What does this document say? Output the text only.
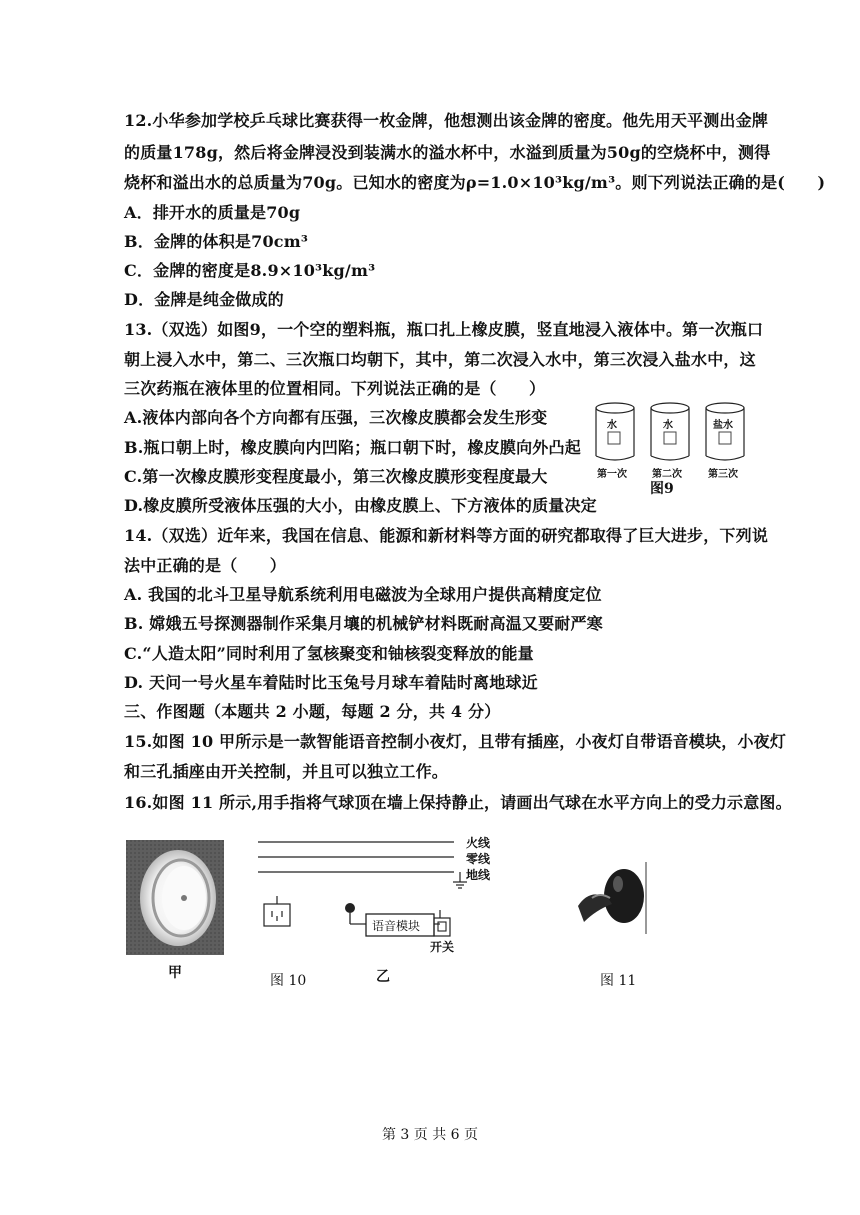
12.小华参加学校乒乓球比赛获得一枚金牌，他想测出该金牌的密度。他先用天平测出金牌
的质量178g，然后将金牌浸没到装满水的溢水杯中，水溢到质量为50g的空烧杯中，测得
烧杯和溢出水的总质量为70g。已知水的密度为ρ=1.0×10³kg/m³。则下列说法正确的是(　　)
A．排开水的质量是70g
B．金牌的体积是70cm³
C．金牌的密度是8.9×10³kg/m³
D．金牌是纯金做成的
13.（双选）如图9，一个空的塑料瓶，瓶口扎上橡皮膜，竖直地浸入液体中。第一次瓶口
朝上浸入水中，第二、三次瓶口均朝下，其中，第二次浸入水中，第三次浸入盐水中，这
三次药瓶在液体里的位置相同。下列说法正确的是（　　）
A.液体内部向各个方向都有压强，三次橡皮膜都会发生形变
B.瓶口朝上时，橡皮膜向内凹陷；瓶口朝下时，橡皮膜向外凸起
C.第一次橡皮膜形变程度最小，第三次橡皮膜形变程度最大
D.橡皮膜所受液体压强的大小，由橡皮膜上、下方液体的质量决定
水	水	盐水
第一次	第二次	第三次
图9
14.（双选）近年来，我国在信息、能源和新材料等方面的研究都取得了巨大进步，下列说
法中正确的是（　　）
A. 我国的北斗卫星导航系统利用电磁波为全球用户提供高精度定位
B. 嫦娥五号探测器制作采集月壤的机械铲材料既耐高温又要耐严寒
C.“人造太阳”同时利用了氢核聚变和铀核裂变释放的能量
D. 天问一号火星车着陆时比玉兔号月球车着陆时离地球近
三、作图题（本题共 2 小题，每题 2 分，共 4 分）
15.如图 10 甲所示是一款智能语音控制小夜灯，且带有插座，小夜灯自带语音模块，小夜灯
和三孔插座由开关控制，并且可以独立工作。
16.如图 11 所示,用手指将气球顶在墙上保持静止，请画出气球在水平方向上的受力示意图。
甲
火线
零线
地线
语音模块
开关
图 10	乙	图 11
第 3 页 共 6 页
